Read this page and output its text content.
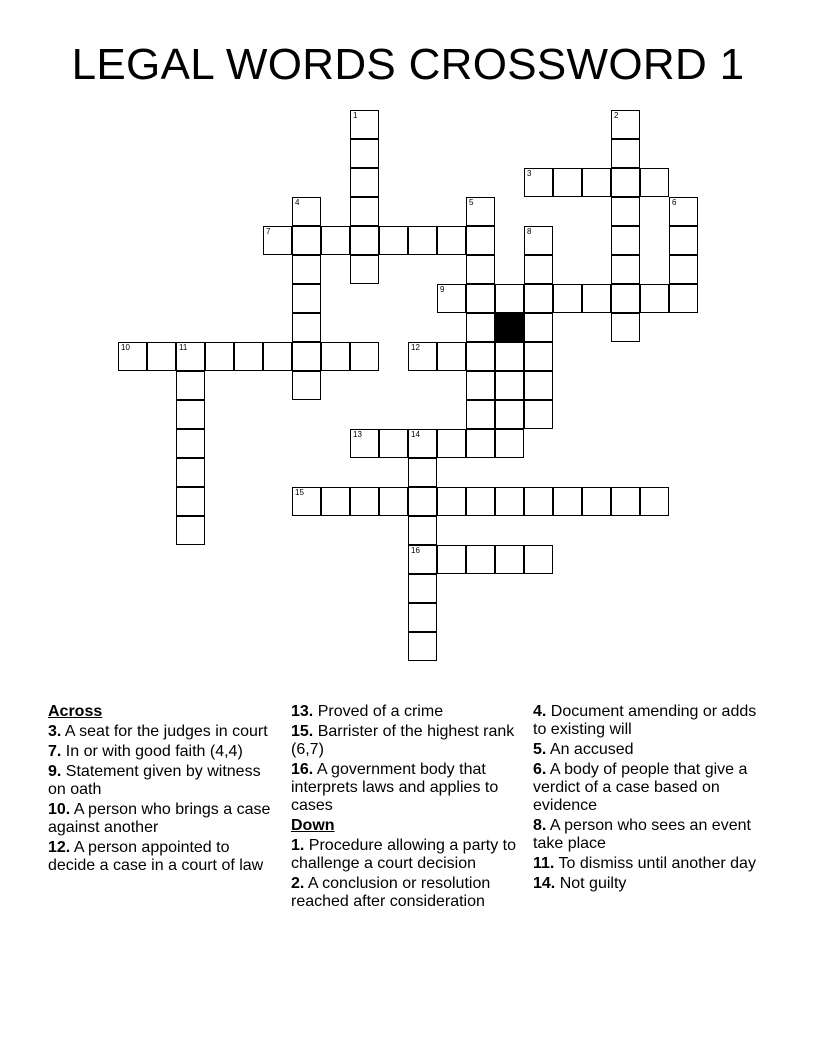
LEGAL WORDS CROSSWORD 1
1	2
3
4	5	6
7	8
9
10	11	12
13	14
15
16
Across
3. A seat for the judges in court
7. In or with good faith (4,4)
9. Statement given by witness on oath
10. A person who brings a case against another
12. A person appointed to decide a case in a court of law
13. Proved of a crime
15. Barrister of the highest rank (6,7)
16. A government body that interprets laws and applies to cases
Down
1. Procedure allowing a party to challenge a court decision
2. A conclusion or resolution reached after consideration
4. Document amending or adds to existing will
5. An accused
6. A body of people that give a verdict of a case based on evidence
8. A person who sees an event take place
11. To dismiss until another day
14. Not guilty
